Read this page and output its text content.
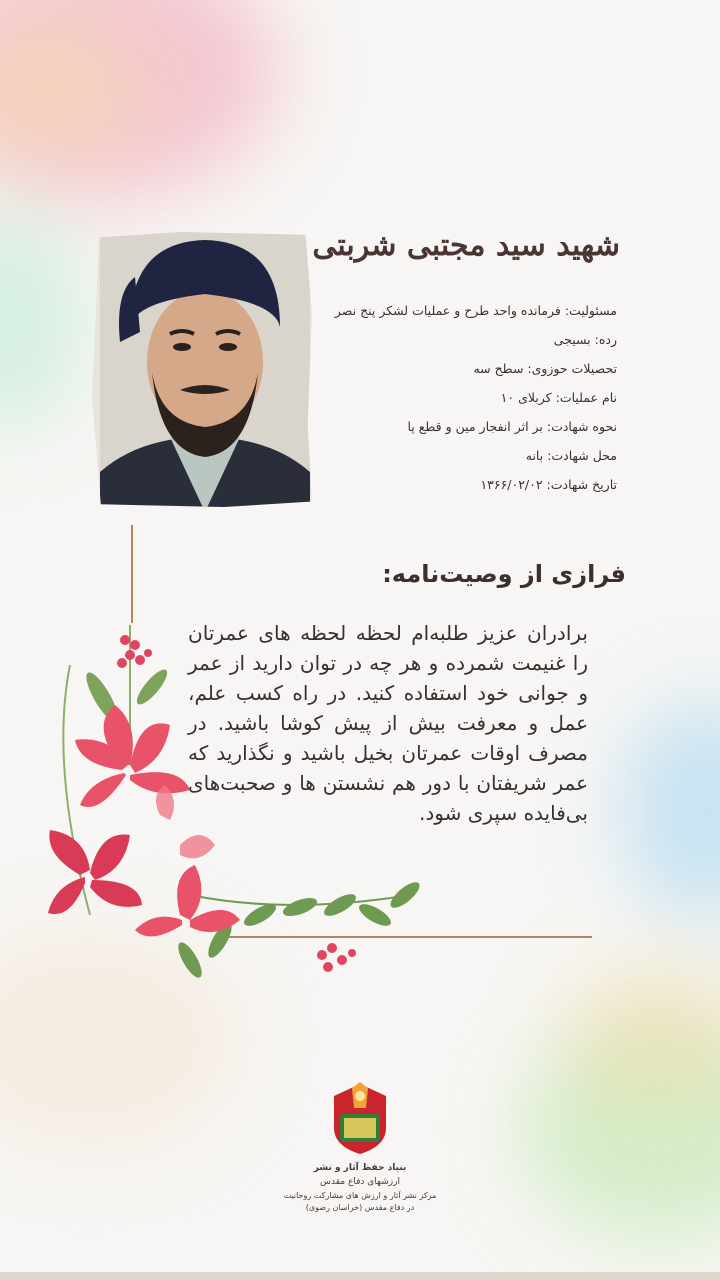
شهید سید مجتبی شربتی
مسئولیت: فرمانده واحد طرح و عملیات لشکر پنج نصر
رده: بسیجی
تحصیلات حوزوی: سطح سه
نام عملیات: کربلای ۱۰
نحوه شهادت: بر اثر انفجار مین و قطع پا
محل شهادت: بانه
تاریخ شهادت: ۱۳۶۶/۰۲/۰۲
فرازی از وصیت‌نامه:
برادران عزیز طلبه‌ام لحظه لحظه های عمرتان را غنیمت شمرده و هر چه در توان دارید از عمر و جوانی خود استفاده کنید. در راه کسب علم، عمل و معرفت بیش از پیش کوشا باشید. در مصرف اوقات عمرتان بخیل باشید و نگذارید که عمر شریفتان با دور هم نشستن ها و صحبت‌های بی‌فایده سپری شود.
بنیاد حفظ آثار و نشر
ارزشهای دفاع مقدس
مرکز نشر آثار و ارزش های مشارکت روحانیت
در دفاع مقدس (خراسان رضوی)
